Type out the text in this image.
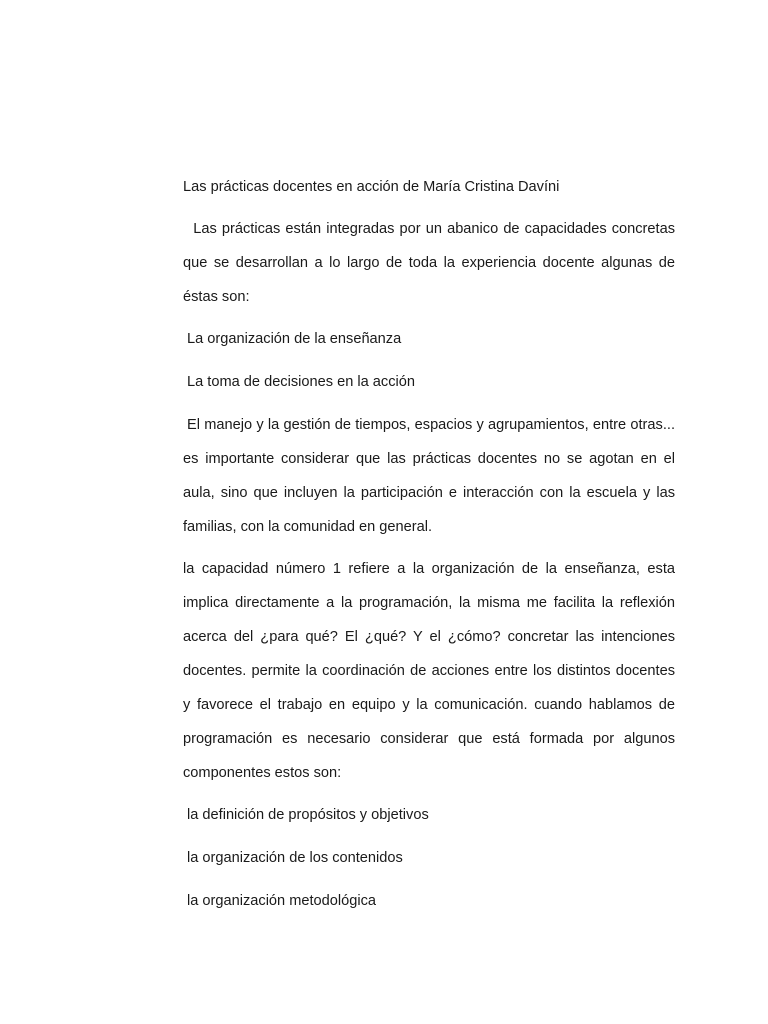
Las prácticas docentes en acción de María Cristina Davíni

Las prácticas están integradas por un abanico de capacidades concretas que se desarrollan a lo largo de toda la experiencia docente algunas de éstas son:

La organización de la enseñanza

La toma de decisiones en la acción

El manejo y la gestión de tiempos, espacios y agrupamientos, entre otras... es importante considerar que las prácticas docentes no se agotan en el aula, sino que incluyen la participación e interacción con la escuela y las familias, con la comunidad en general.

la capacidad número 1 refiere a la organización de la enseñanza, esta implica directamente a la programación, la misma me facilita la reflexión acerca del ¿para qué? El ¿qué? Y el ¿cómo? concretar las intenciones docentes. permite la coordinación de acciones entre los distintos docentes y favorece el trabajo en equipo y la comunicación. cuando hablamos de programación es necesario considerar que está formada por algunos componentes estos son:

la definición de propósitos y objetivos

la organización de los contenidos

la organización metodológica
